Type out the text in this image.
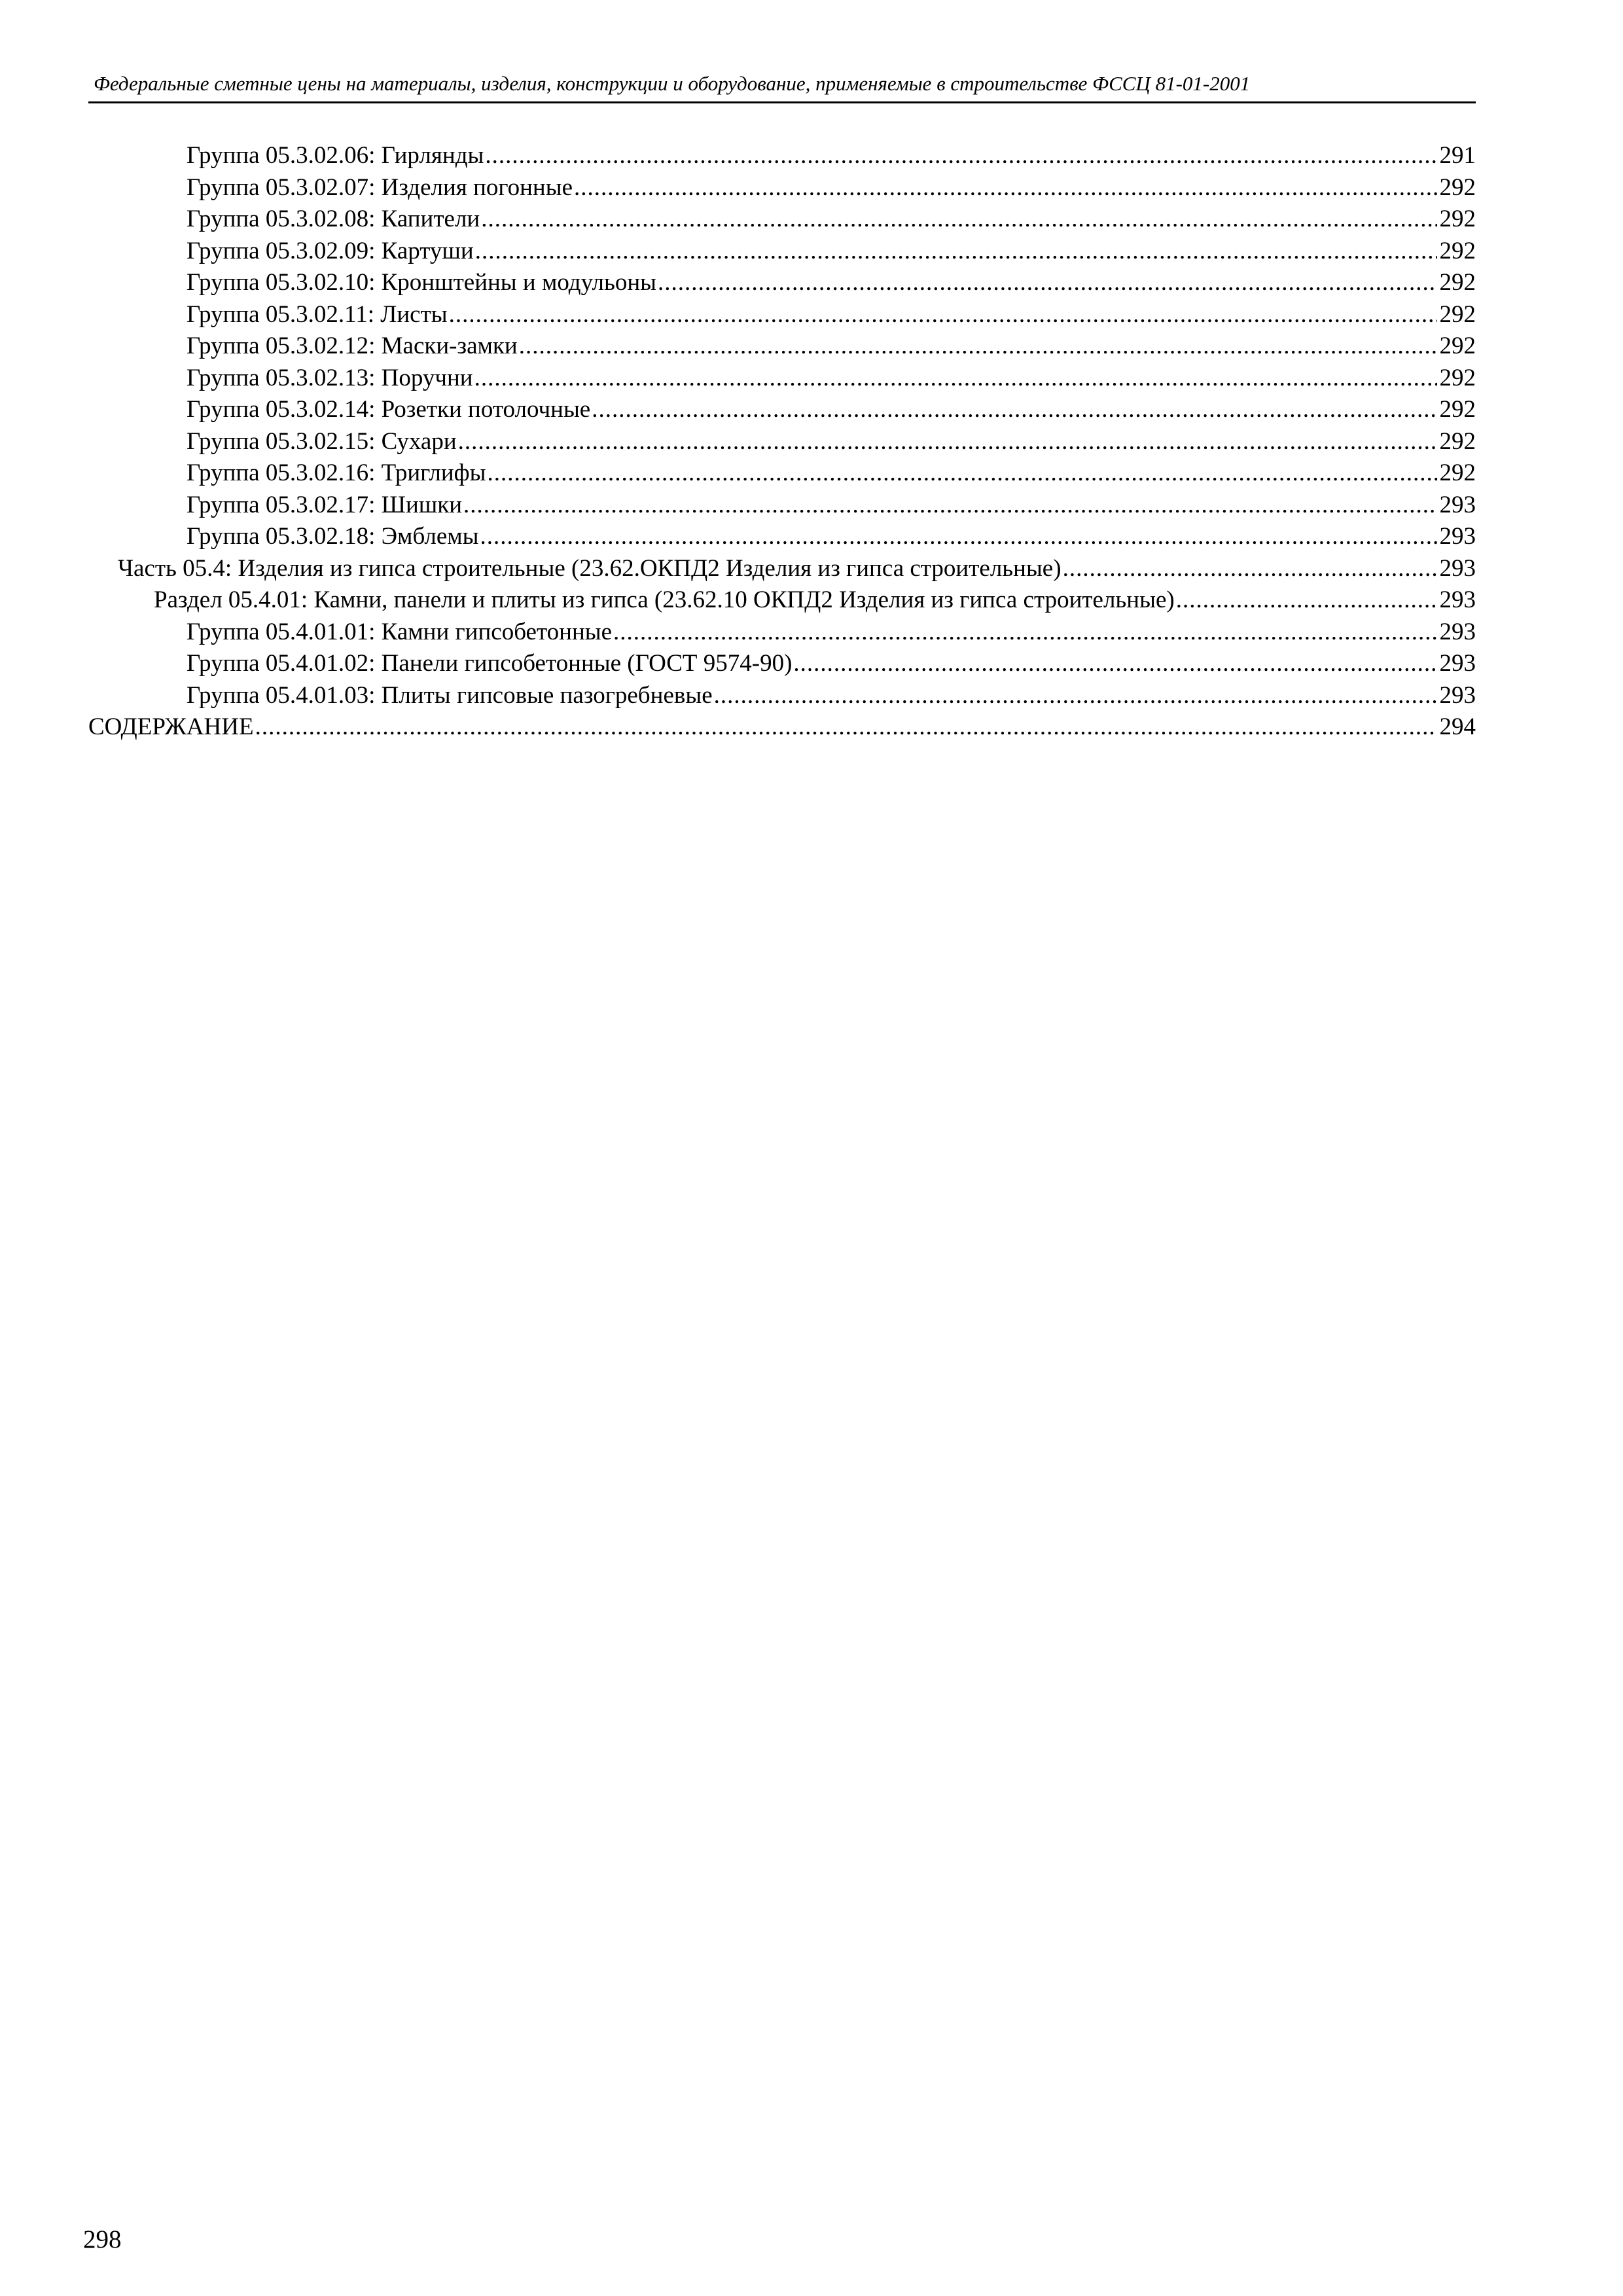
Федеральные сметные цены на материалы, изделия, конструкции и оборудование, применяемые в строительстве ФССЦ 81-01-2001
Группа 05.3.02.06: Гирлянды .....	291
Группа 05.3.02.07: Изделия погонные .....	292
Группа 05.3.02.08: Капители .....	292
Группа 05.3.02.09: Картуши .....	292
Группа 05.3.02.10: Кронштейны и модульоны .....	292
Группа 05.3.02.11: Листы .....	292
Группа 05.3.02.12: Маски-замки .....	292
Группа 05.3.02.13: Поручни .....	292
Группа 05.3.02.14: Розетки потолочные .....	292
Группа 05.3.02.15: Сухари .....	292
Группа 05.3.02.16: Триглифы .....	292
Группа 05.3.02.17: Шишки .....	293
Группа 05.3.02.18: Эмблемы .....	293
Часть 05.4: Изделия из гипса строительные (23.62.ОКПД2 Изделия из гипса строительные) .....	293
Раздел 05.4.01: Камни, панели и плиты из гипса (23.62.10 ОКПД2 Изделия из гипса строительные) .....	293
Группа 05.4.01.01: Камни гипсобетонные .....	293
Группа 05.4.01.02: Панели гипсобетонные (ГОСТ 9574-90) .....	293
Группа 05.4.01.03: Плиты гипсовые пазогребневые .....	293
СОДЕРЖАНИЕ .....	294
298
